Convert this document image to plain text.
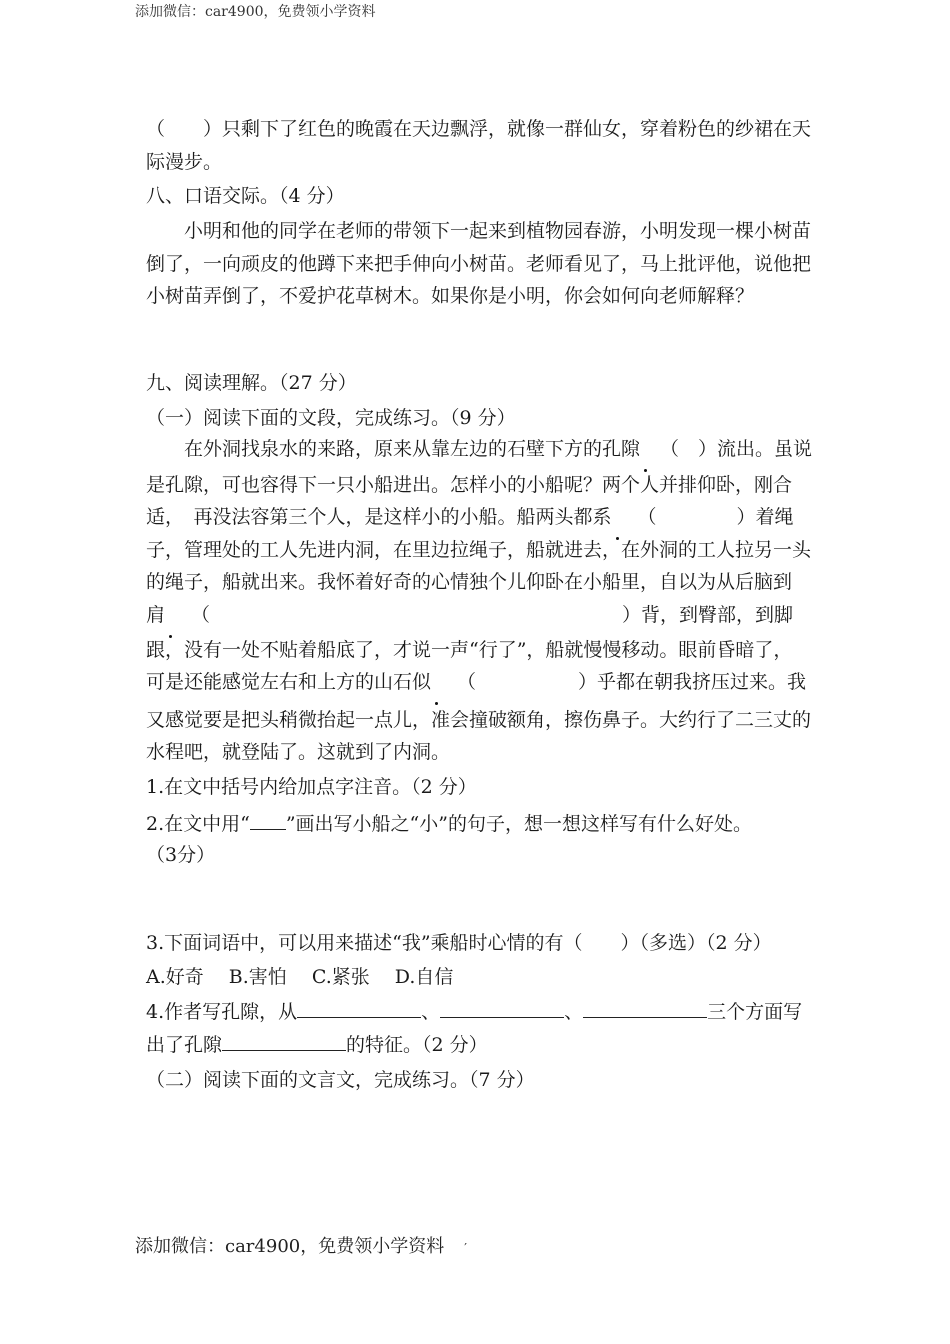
添加微信：car4900，免费领小学资料
（　　）只剩下了红色的晚霞在天边飘浮，就像一群仙女，穿着粉色的纱裙在天
际漫步。
八、口语交际。（4 分）
　　小明和他的同学在老师的带领下一起来到植物园春游，小明发现一棵小树苗
倒了，一向顽皮的他蹲下来把手伸向小树苗。老师看见了，马上批评他，说他把
小树苗弄倒了，不爱护花草树木。如果你是小明，你会如何向老师解释？
九、阅读理解。（27 分）
（一）阅读下面的文段，完成练习。（9 分）
　　在外洞找泉水的来路，原来从靠左边的石壁下方的孔隙 （　）流出。虽说
是孔隙，可也容得下一只小船进出。怎样小的小船呢？两个人并排仰卧，刚合
适，　再没法容第三个人，是这样小的小船。船两头都系 （	）着绳
子，管理处的工人先进内洞，在里边拉绳子，船就进去，在外洞的工人拉另一头
的绳子，船就出来。我怀着好奇的心情独个儿仰卧在小船里，自以为从后脑到
肩 （	）背，到臀部，到脚
跟，没有一处不贴着船底了，才说一声“行了”，船就慢慢移动。眼前昏暗了，
可是还能感觉左右和上方的山石似 （	）乎都在朝我挤压过来。我
又感觉要是把头稍微抬起一点儿，准会撞破额角，擦伤鼻子。大约行了二三丈的
水程吧，就登陆了。这就到了内洞。
1.在文中括号内给加点字注音。（2 分）
2.在文中用“ ”画出写小船之“小”的句子，想一想这样写有什么好处。
（3分）
3.下面词语中，可以用来描述“我”乘船时心情的有（　　）（多选）（2 分）
A.好奇　 B.害怕　 C.紧张　 D.自信
4.作者写孔隙，从	、	、	三个方面写
出了孔隙	的特征。（2 分）
（二）阅读下面的文言文，完成练习。（7 分）
添加微信：car4900，免费领小学资料 ′
